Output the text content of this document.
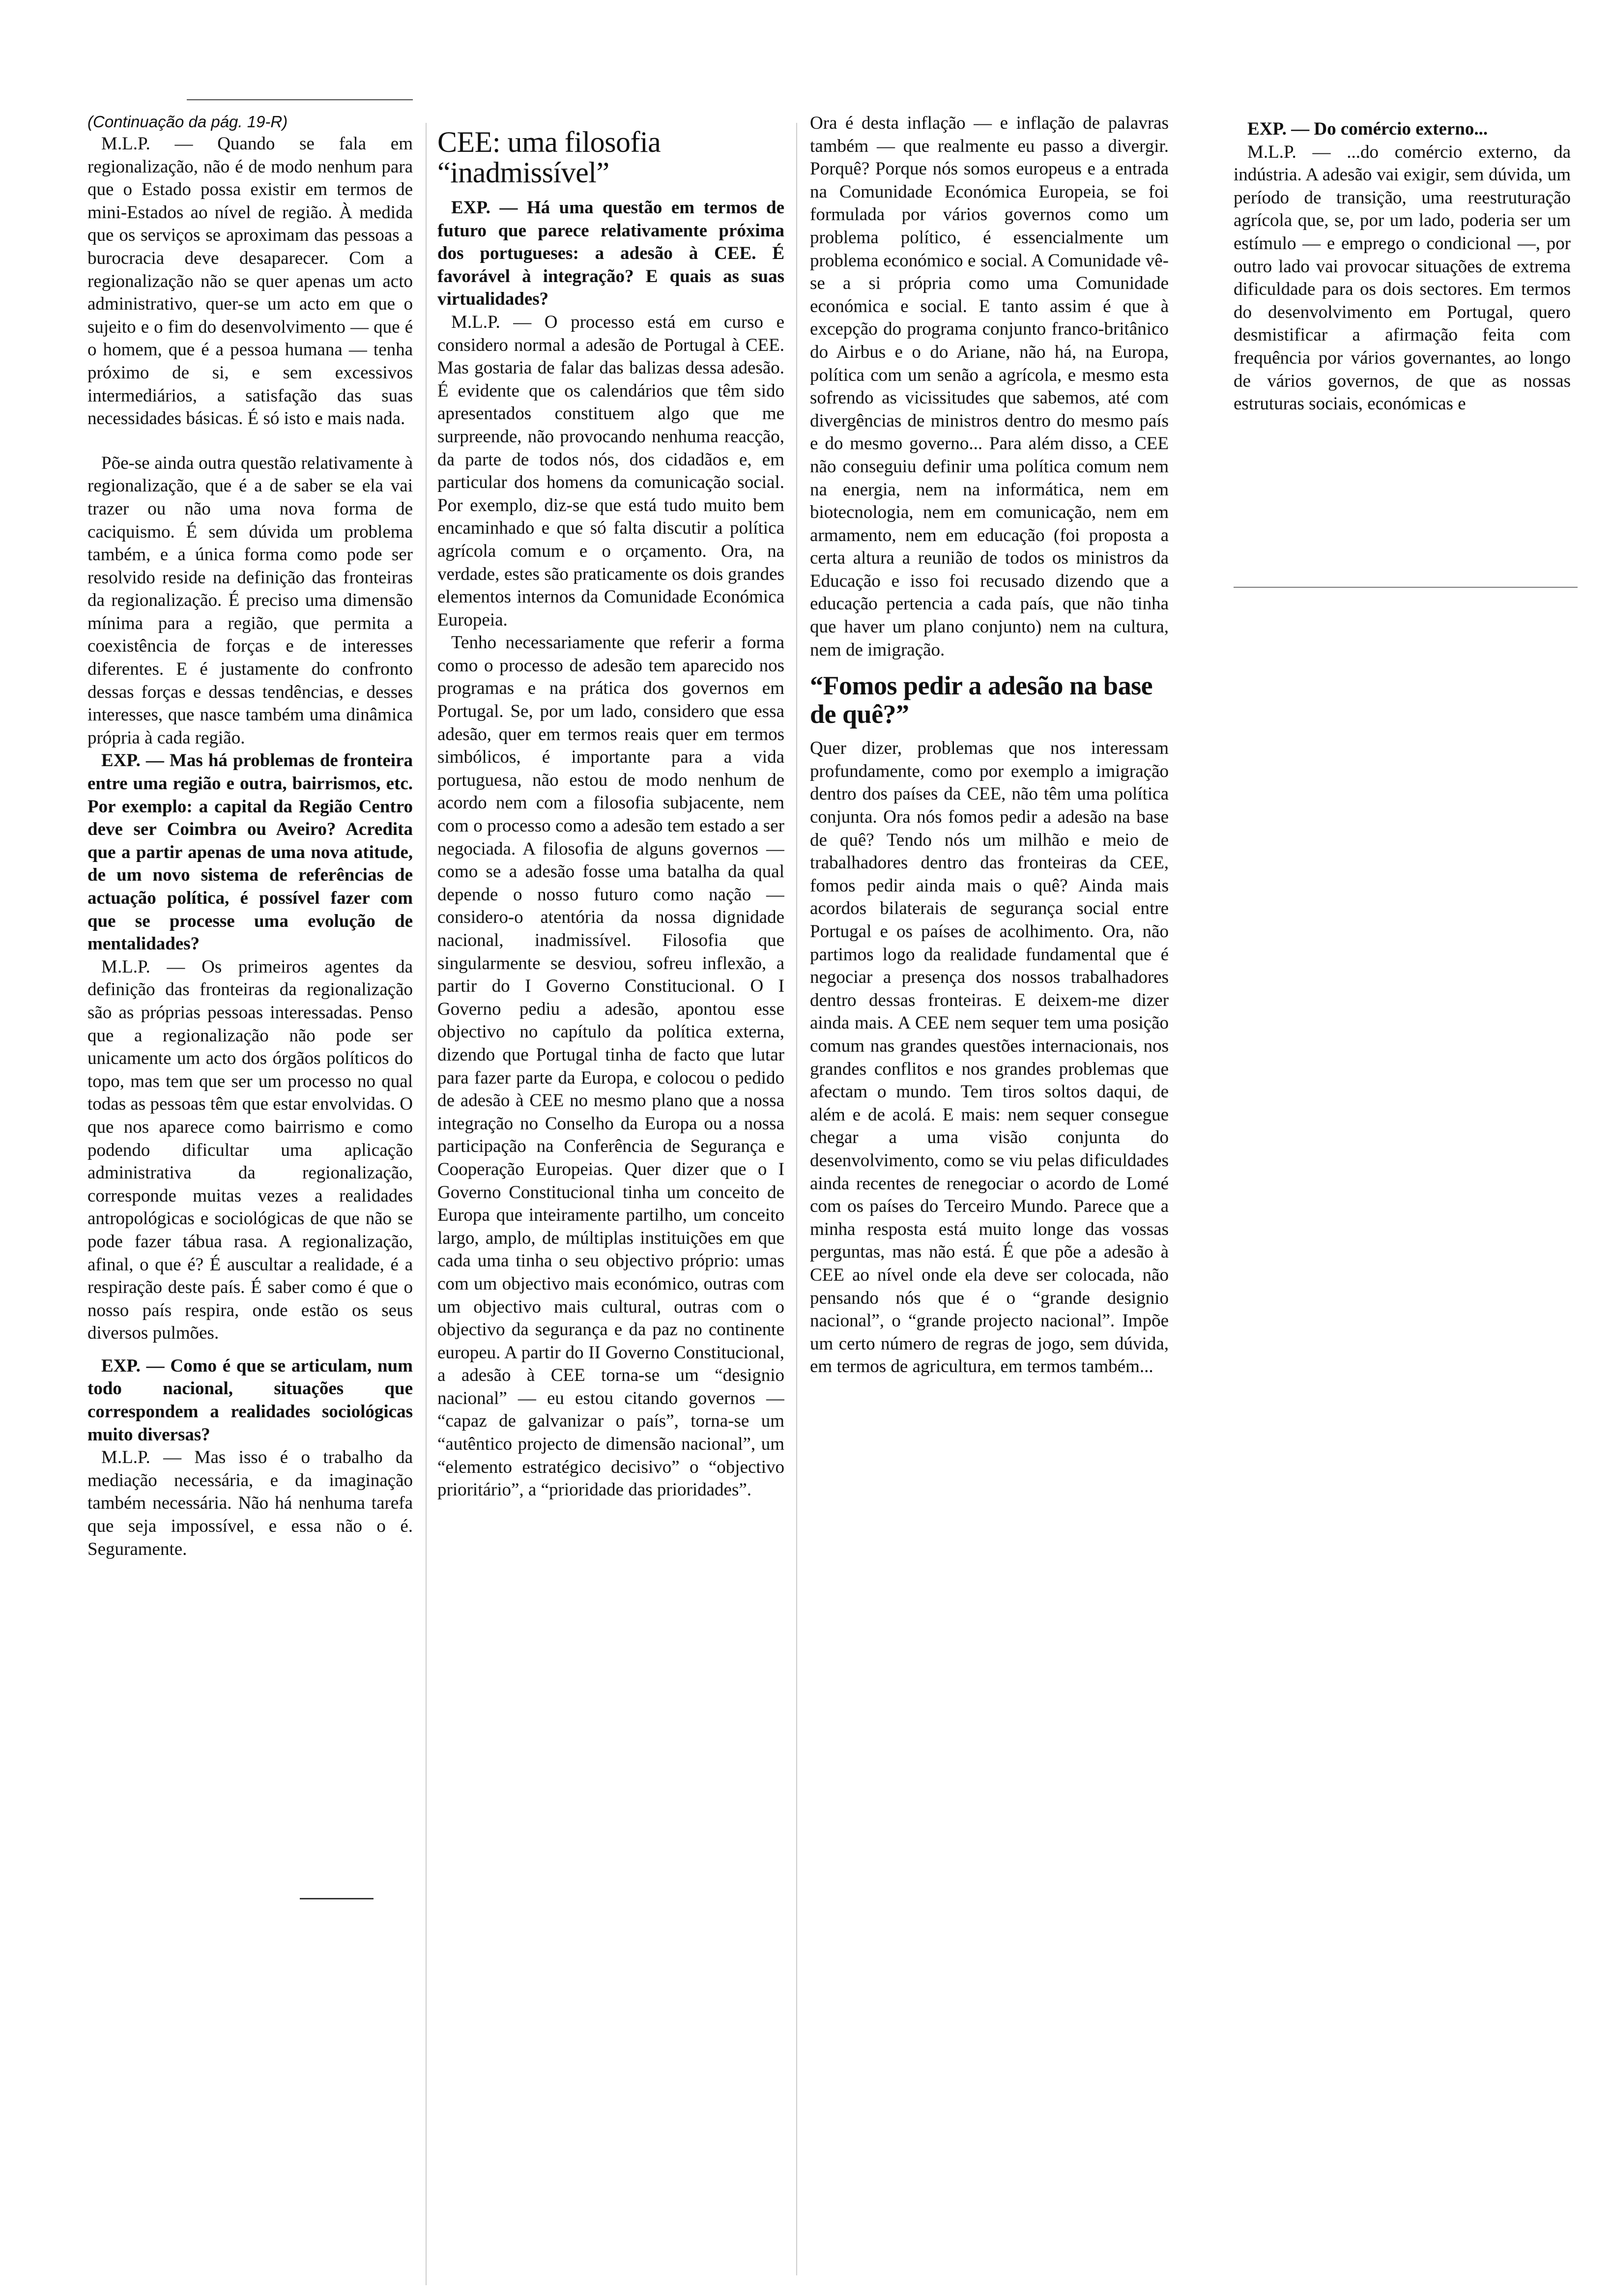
(Continuação da pág. 19-R)

M.L.P. — Quando se fala em regionalização, não é de modo nenhum para que o Estado possa existir em termos de mini-Estados ao nível de região. À medida que os serviços se aproximam das pessoas a burocracia deve desaparecer. Com a regionalização não se quer apenas um acto administrativo, quer-se um acto em que o sujeito e o fim do desenvolvimento — que é o homem, que é a pessoa humana — tenha próximo de si, e sem excessivos intermediários, a satisfação das suas necessidades básicas. É só isto e mais nada.

Põe-se ainda outra questão relativamente à regionalização, que é a de saber se ela vai trazer ou não uma nova forma de caciquismo. É sem dúvida um problema também, e a única forma como pode ser resolvido reside na definição das fronteiras da regionalização. É preciso uma dimensão mínima para a região, que permita a coexistência de forças e de interesses diferentes. E é justamente do confronto dessas forças e dessas tendências, e desses interesses, que nasce também uma dinâmica própria à cada região.

EXP. — Mas há problemas de fronteira entre uma região e outra, bairrismos, etc. Por exemplo: a capital da Região Centro deve ser Coimbra ou Aveiro? Acredita que a partir apenas de uma nova atitude, de um novo sistema de referências de actuação política, é possível fazer com que se processe uma evolução de mentalidades?

M.L.P. — Os primeiros agentes da definição das fronteiras da regionalização são as próprias pessoas interessadas. Penso que a regionalização não pode ser unicamente um acto dos órgãos políticos do topo, mas tem que ser um processo no qual todas as pessoas têm que estar envolvidas. O que nos aparece como bairrismo e como podendo dificultar uma aplicação administrativa da regionalização, corresponde muitas vezes a realidades antropológicas e sociológicas de que não se pode fazer tábua rasa. A regionalização, afinal, o que é? É auscultar a realidade, é a respiração deste país. É saber como é que o nosso país respira, onde estão os seus diversos pulmões.

EXP. — Como é que se articulam, num todo nacional, situações que correspondem a realidades sociológicas muito diversas?

M.L.P. — Mas isso é o trabalho da mediação necessária, e da imaginação também necessária. Não há nenhuma tarefa que seja impossível, e essa não o é. Seguramente.

CEE: uma filosofia “inadmissível”

EXP. — Há uma questão em termos de futuro que parece relativamente próxima dos portugueses: a adesão à CEE. É favorável à integração? E quais as suas virtualidades?

M.L.P. — O processo está em curso e considero normal a adesão de Portugal à CEE. Mas gostaria de falar das balizas dessa adesão. É evidente que os calendários que têm sido apresentados constituem algo que me surpreende, não provocando nenhuma reacção, da parte de todos nós, dos cidadãos e, em particular dos homens da comunicação social. Por exemplo, diz-se que está tudo muito bem encaminhado e que só falta discutir a política agrícola comum e o orçamento. Ora, na verdade, estes são praticamente os dois grandes elementos internos da Comunidade Económica Europeia.

Tenho necessariamente que referir a forma como o processo de adesão tem aparecido nos programas e na prática dos governos em Portugal. Se, por um lado, considero que essa adesão, quer em termos reais quer em termos simbólicos, é importante para a vida portuguesa, não estou de modo nenhum de acordo nem com a filosofia subjacente, nem com o processo como a adesão tem estado a ser negociada. A filosofia de alguns governos — como se a adesão fosse uma batalha da qual depende o nosso futuro como nação — considero-o atentória da nossa dignidade nacional, inadmissível. Filosofia que singularmente se desviou, sofreu inflexão, a partir do I Governo Constitucional. O I Governo pediu a adesão, apontou esse objectivo no capítulo da política externa, dizendo que Portugal tinha de facto que lutar para fazer parte da Europa, e colocou o pedido de adesão à CEE no mesmo plano que a nossa integração no Conselho da Europa ou a nossa participação na Conferência de Segurança e Cooperação Europeias. Quer dizer que o I Governo Constitucional tinha um conceito de Europa que inteiramente partilho, um conceito largo, amplo, de múltiplas instituições em que cada uma tinha o seu objectivo próprio: umas com um objectivo mais económico, outras com um objectivo mais cultural, outras com o objectivo da segurança e da paz no continente europeu. A partir do II Governo Constitucional, a adesão à CEE torna-se um “designio nacional” — eu estou citando governos — “capaz de galvanizar o país”, torna-se um “autêntico projecto de dimensão nacional”, um “elemento estratégico decisivo” o “objectivo prioritário”, a “prioridade das prioridades”.

Ora é desta inflação — e inflação de palavras também — que realmente eu passo a divergir. Porquê? Porque nós somos europeus e a entrada na Comunidade Económica Europeia, se foi formulada por vários governos como um problema político, é essencialmente um problema económico e social. A Comunidade vê-se a si própria como uma Comunidade económica e social. E tanto assim é que à excepção do programa conjunto franco-britânico do Airbus e o do Ariane, não há, na Europa, política com um senão a agrícola, e mesmo esta sofrendo as vicissitudes que sabemos, até com divergências de ministros dentro do mesmo país e do mesmo governo... Para além disso, a CEE não conseguiu definir uma política comum nem na energia, nem na informática, nem em biotecnologia, nem em comunicação, nem em armamento, nem em educação (foi proposta a certa altura a reunião de todos os ministros da Educação e isso foi recusado dizendo que a educação pertencia a cada país, que não tinha que haver um plano conjunto) nem na cultura, nem de imigração.

“Fomos pedir a adesão na base de quê?”

Quer dizer, problemas que nos interessam profundamente, como por exemplo a imigração dentro dos países da CEE, não têm uma política conjunta. Ora nós fomos pedir a adesão na base de quê? Tendo nós um milhão e meio de trabalhadores dentro das fronteiras da CEE, fomos pedir ainda mais o quê? Ainda mais acordos bilaterais de segurança social entre Portugal e os países de acolhimento. Ora, não partimos logo da realidade fundamental que é negociar a presença dos nossos trabalhadores dentro dessas fronteiras. E deixem-me dizer ainda mais. A CEE nem sequer tem uma posição comum nas grandes questões internacionais, nos grandes conflitos e nos grandes problemas que afectam o mundo. Tem tiros soltos daqui, de além e de acolá. E mais: nem sequer consegue chegar a uma visão conjunta do desenvolvimento, como se viu pelas dificuldades ainda recentes de renegociar o acordo de Lomé com os países do Terceiro Mundo. Parece que a minha resposta está muito longe das vossas perguntas, mas não está. É que põe a adesão à CEE ao nível onde ela deve ser colocada, não pensando nós que é o “grande designio nacional”, o “grande projecto nacional”. Impõe um certo número de regras de jogo, sem dúvida, em termos de agricultura, em termos também...

EXP. — Do comércio externo...

M.L.P. — ...do comércio externo, da indústria. A adesão vai exigir, sem dúvida, um período de transição, uma reestruturação agrícola que, se, por um lado, poderia ser um estímulo — e emprego o condicional —, por outro lado vai provocar situações de extrema dificuldade para os dois sectores. Em termos do desenvolvimento em Portugal, quero desmistificar a afirmação feita com frequência por vários governantes, ao longo de vários governos, de que as nossas estruturas sociais, económicas e
